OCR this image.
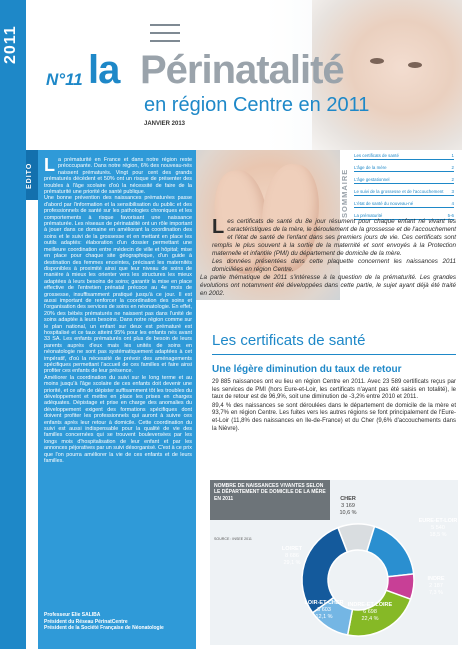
2011
N°11 la Périnatalité
en région Centre en 2011
JANVIER 2013
EDITO La prématurité en France et dans notre région reste préoccupante. Dans notre région, 6% des nouveau-nés naissent prématurés. Vingt pour cent des grands prématurés décèdent et 50% ont un risque de présenter des troubles à l'âge scolaire d'où la nécessité de faire de la prématurité une priorité de santé publique.

Une bonne prévention des naissances prématurées passe d'abord par l'information et la sensibilisation du public et des professionnels de santé sur les pathologies chroniques et les comportements à risque favorisant une naissance prématurée. Les réseaux de périnatalité ont un rôle important à jouer dans ce domaine en améliorant la coordination des soins et le suivi de la grossesse et en mettant en place les outils adaptés: élaboration d'un dossier permettant une meilleure coordination entre médecin de ville et hôpital; mise en place pour chaque site géographique, d'un guide à destination des femmes enceintes, précisant les maternités disponibles à proximité ainsi que leur niveau de soins de manière à mieux les orienter vers les structures les mieux adaptées à leurs besoins de soins; garantir la mise en place effective de l'entretien prénatal précoce au 4e mois de grossesse, insuffisamment pratiqué jusqu'à ce jour. Il est aussi important de renforcer la coordination des soins et l'organisation des services de soins en néonatologie. En effet, 20% des bébés prématurés ne naissent pas dans l'unité de soins adaptée à leurs besoins. Dans notre région comme sur le plan national, un enfant sur deux est prématuré est hospitalisé et ce taux atteint 95% pour les enfants nés avant 33 SA. Les enfants prématurés ont plus de besoin de leurs parents auprès d'eux mais les unités de soins en néonatologie ne sont pas systématiquement adaptées à cet impératif, d'où la nécessité de prévoir des aménagements spécifiques permettant l'accueil de ces familles et faire ainsi profiter ces enfants de leur présence.

Améliorer la coordination du suivi sur le long terme et au moins jusqu'à l'âge scolaire de ces enfants doit devenir une priorité, et ce afin de dépister suffisamment tôt les troubles du développement et mettre en place les prises en charges adéquates. Dépistage et prise en charge des anomalies du développement exigent des formations spécifiques dont doivent profiter les professionnels qui auront à suivre ces enfants après leur retour à domicile. Cette coordination du suivi est aussi indispensable pour la qualité de vie des familles concernées qui se trouvent bouleversées par les longs mois d'hospitalisation de leur enfant et par les annonces péjoratives par un suivi désorganisé. C'est à ce prix que l'on pourra améliorer la vie de ces enfants et de leurs familles.

Professeur Elie SALIBA
Président du Réseau PérinatCentre
Président de la Société Française de Néonatologie
SOMMAIRE
Les certificats de santé	1
L'âge de la mère	2
L'âge gestationnel	2
Le suivi de la grossesse et de l'accouchement 3
L'état de santé du nouveau-né	4
La prématurité	5-6

Les certificats de santé du 8e jour résument pour chaque enfant né vivant les caractéristiques de la mère, le déroulement de la grossesse et de l'accouchement et l'état de santé de l'enfant dans ses premiers jours de vie. Ces certificats sont remplis le plus souvent à la sortie de la maternité et sont envoyés à la Protection maternelle et infantile (PMI) du département de domicile de la mère.

Les données présentées dans cette plaquette concernent les naissances 2011 domiciliées en région Centre.

La partie thématique de 2011 s'intéresse à la question de la prématurité. Les grandes évolutions ont notamment été développées dans cette partie, le sujet ayant déjà été traité en 2002.

Les certificats de santé
Une légère diminution du taux de retour

29 885 naissances ont eu lieu en région Centre en 2011. Avec 23 589 certificats reçus par les services de PMI (hors Eure-et-Loir, les certificats n'ayant pas été saisis en totalité), le taux de retour est de 96,9%, soit une diminution de -3,2% entre 2010 et 2011.

89,4 % des naissances se sont déroulées dans le département de domicile de la mère et 93,7% en région Centre. Les fuites vers les autres régions se font principalement de l'Eure-et-Loir (11,8% des naissances en Ile-de-France) et du Cher (9,6% d'accouchements dans la Nièvre).

NOMBRE DE NAISSANCES VIVANTES SELON LE DÉPARTEMENT DE DOMICILE DE LA MÈRE EN 2011
SOURCE : INSEE 2011
CHER
3 169
10,6 %
EURE-ET-LOIR
5 540
18,5 %
INDRE
2 187
7,3 %
INDRE-ET-LOIRE
6 698
22,4 %
LOIR-ET-CHER
3 603
12,1 %
LOIRET
8 686
29,1 %
